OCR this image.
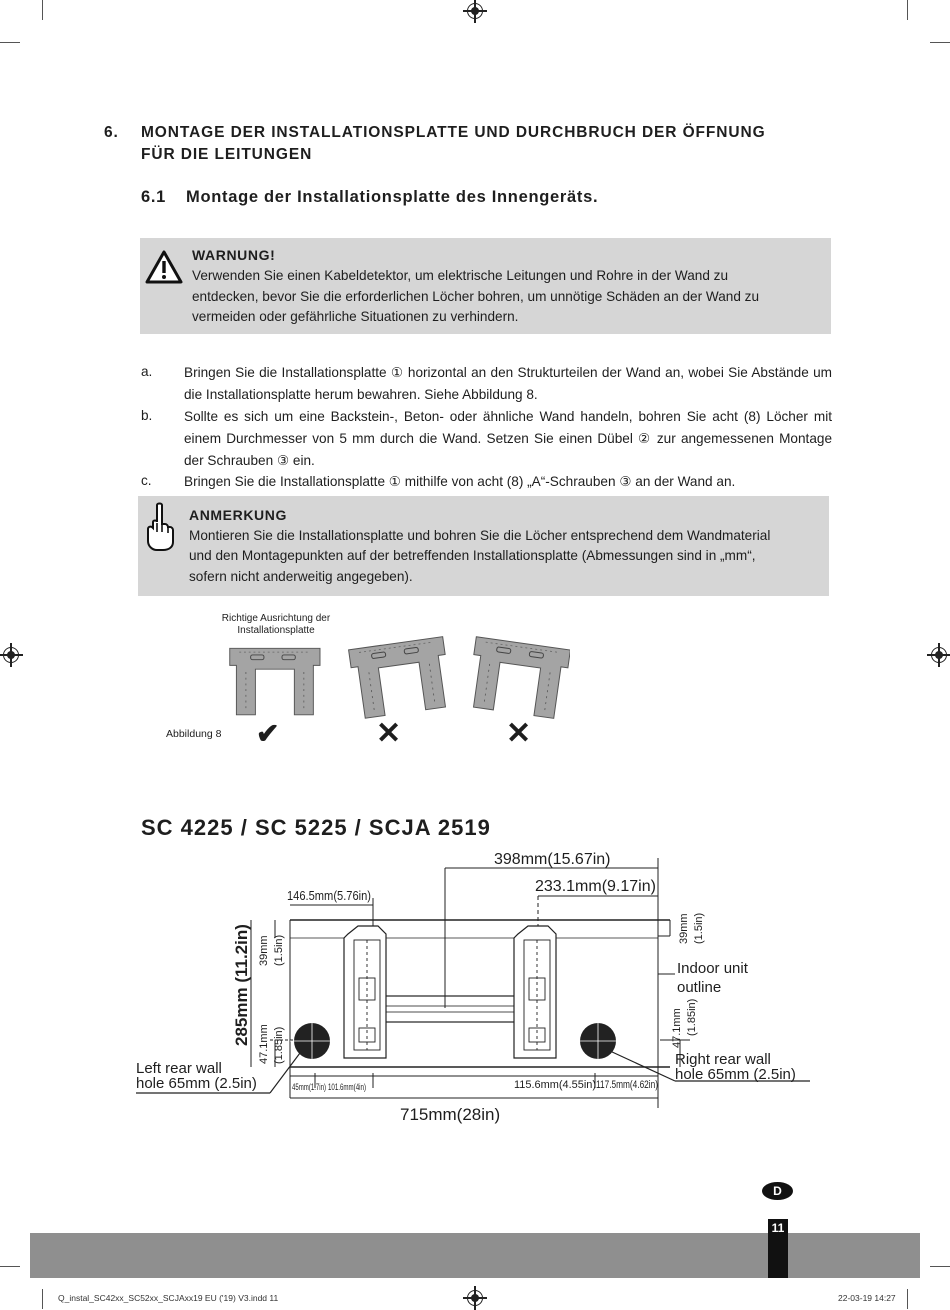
6. MONTAGE DER INSTALLATIONSPLATTE UND DURCHBRUCH DER ÖFFNUNG
FÜR DIE LEITUNGEN
6.1 Montage der Installationsplatte des Innengeräts.
WARNUNG!
Verwenden Sie einen Kabeldetektor, um elektrische Leitungen und Rohre in der Wand zu
entdecken, bevor Sie die erforderlichen Löcher bohren, um unnötige Schäden an der Wand zu
vermeiden oder gefährliche Situationen zu verhindern.
a. Bringen Sie die Installationsplatte ① horizontal an den Strukturteilen der Wand an, wobei Sie Abstände um die Installationsplatte herum bewahren. Siehe Abbildung 8.
b. Sollte es sich um eine Backstein-, Beton- oder ähnliche Wand handeln, bohren Sie acht (8) Löcher mit einem Durchmesser von 5 mm durch die Wand. Setzen Sie einen Dübel ② zur angemessenen Montage der Schrauben ③ ein.
c. Bringen Sie die Installationsplatte ① mithilfe von acht (8) „A“-Schrauben ③ an der Wand an.
ANMERKUNG
Montieren Sie die Installationsplatte und bohren Sie die Löcher entsprechend dem Wandmaterial
und den Montagepunkten auf der betreffenden Installationsplatte (Abmessungen sind in „mm“,
sofern nicht anderweitig angegeben).
Richtige Ausrichtung der
Installationsplatte
Abbildung 8 ✔	✕	✕
SC 4225 / SC 5225 / SCJA 2519
398mm(15.67in)
233.1mm(9.17in)
146.5mm(5.76in)
285mm (11.2in) 39mm (1.5in)
47.1mm (1.85in)
39mm (1.5in)
47.1mm (1.85in)
Indoor unit
outline
Left rear wall
hole 65mm (2.5in)
Right rear wall
hole 65mm (2.5in)
45mm(1.7in) 101.6mm(4in)	115.6mm(4.55in) 117.5mm(4.62in)
715mm(28in)
D
11
Q_instal_SC42xx_SC52xx_SCJAxx19 EU ('19) V3.indd 11	22-03-19 14:27
